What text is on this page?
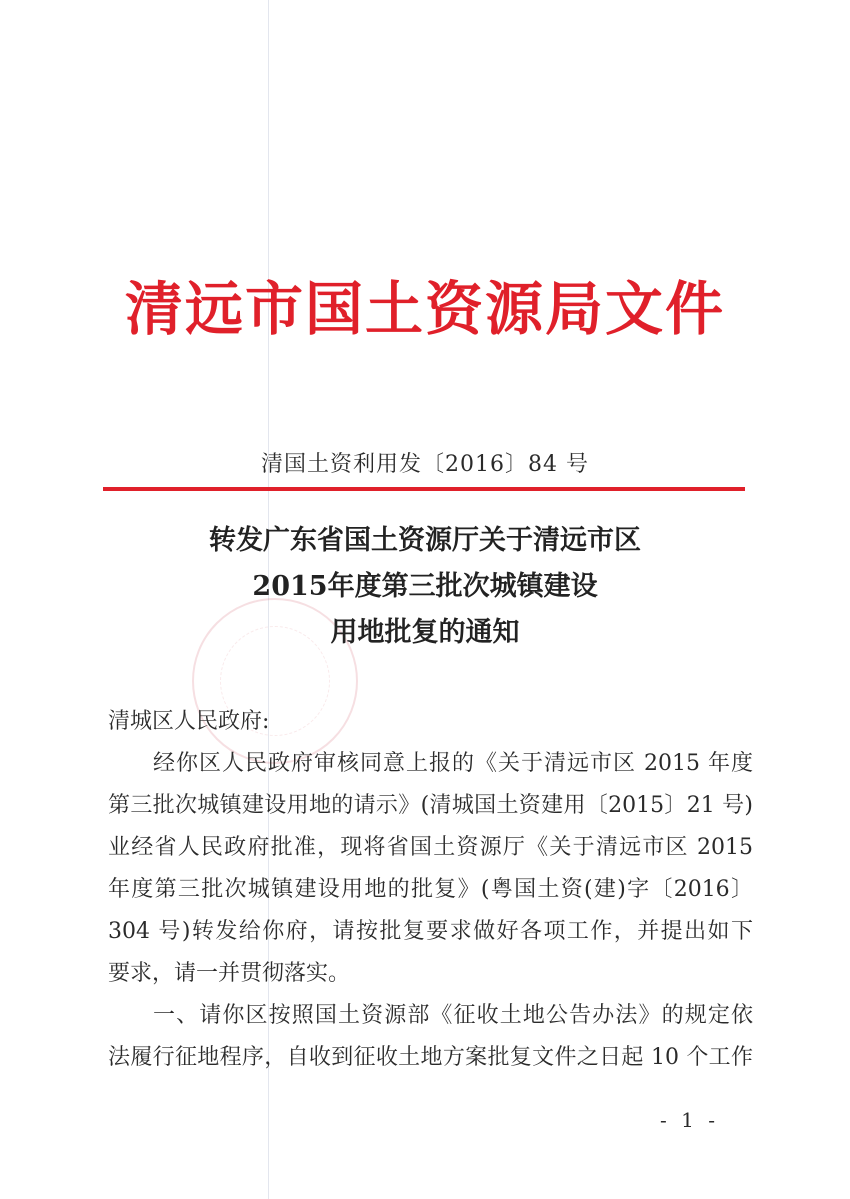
清远市国土资源局文件
清国土资利用发〔2016〕84 号
转发广东省国土资源厅关于清远市区
2015年度第三批次城镇建设
用地批复的通知
清城区人民政府:
经你区人民政府审核同意上报的《关于清远市区 2015 年度
第三批次城镇建设用地的请示》(清城国土资建用〔2015〕21 号)
业经省人民政府批准，现将省国土资源厅《关于清远市区 2015
年度第三批次城镇建设用地的批复》(粤国土资(建)字〔2016〕
304 号)转发给你府，请按批复要求做好各项工作，并提出如下
要求，请一并贯彻落实。
一、请你区按照国土资源部《征收土地公告办法》的规定依
法履行征地程序，自收到征收土地方案批复文件之日起 10 个工作
- 1 -
